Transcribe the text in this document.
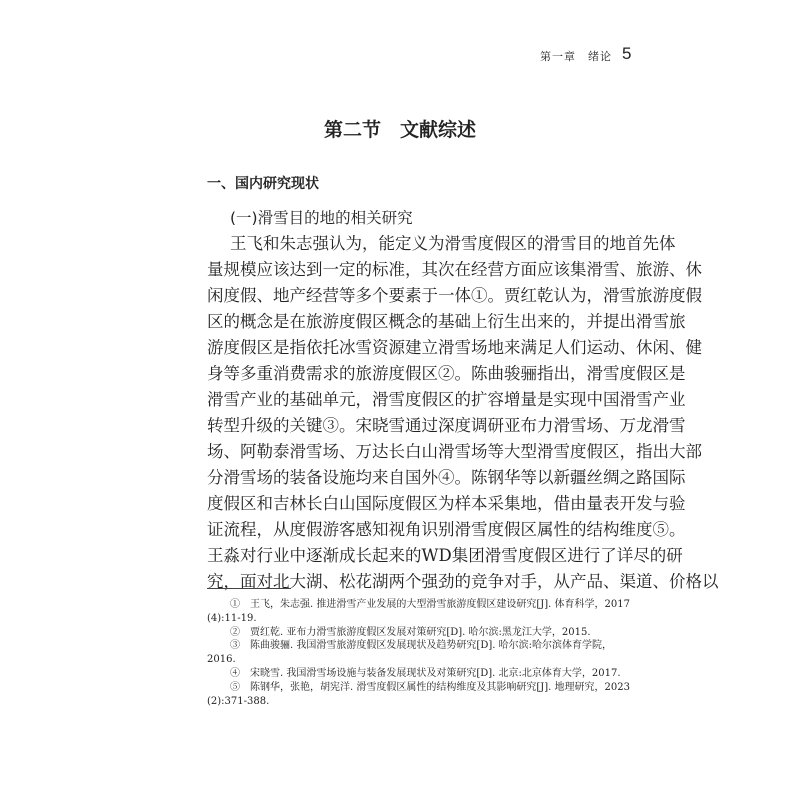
第一章　绪论 5
第二节　文献综述
一、国内研究现状
(一)滑雪目的地的相关研究
王飞和朱志强认为，能定义为滑雪度假区的滑雪目的地首先体
量规模应该达到一定的标准，其次在经营方面应该集滑雪、旅游、休
闲度假、地产经营等多个要素于一体①。贾红乾认为，滑雪旅游度假
区的概念是在旅游度假区概念的基础上衍生出来的，并提出滑雪旅
游度假区是指依托冰雪资源建立滑雪场地来满足人们运动、休闲、健
身等多重消费需求的旅游度假区②。陈曲骏骊指出，滑雪度假区是
滑雪产业的基础单元，滑雪度假区的扩容增量是实现中国滑雪产业
转型升级的关键③。宋晓雪通过深度调研亚布力滑雪场、万龙滑雪
场、阿勒泰滑雪场、万达长白山滑雪场等大型滑雪度假区，指出大部
分滑雪场的装备设施均来自国外④。陈钢华等以新疆丝绸之路国际
度假区和吉林长白山国际度假区为样本采集地，借由量表开发与验
证流程，从度假游客感知视角识别滑雪度假区属性的结构维度⑤。
王淼对行业中逐渐成长起来的WD集团滑雪度假区进行了详尽的研
究，面对北大湖、松花湖两个强劲的竞争对手，从产品、渠道、价格以
①　王飞，朱志强. 推进滑雪产业发展的大型滑雪旅游度假区建设研究[J]. 体育科学，2017
(4):11-19.
②　贾红乾. 亚布力滑雪旅游度假区发展对策研究[D]. 哈尔滨:黑龙江大学，2015.
③　陈曲骏骊. 我国滑雪旅游度假区发展现状及趋势研究[D]. 哈尔滨:哈尔滨体育学院，
2016.
④　宋晓雪. 我国滑雪场设施与装备发展现状及对策研究[D]. 北京:北京体育大学，2017.
⑤　陈钢华，张艳，胡宪洋. 滑雪度假区属性的结构维度及其影响研究[J]. 地理研究，2023
(2):371-388.
